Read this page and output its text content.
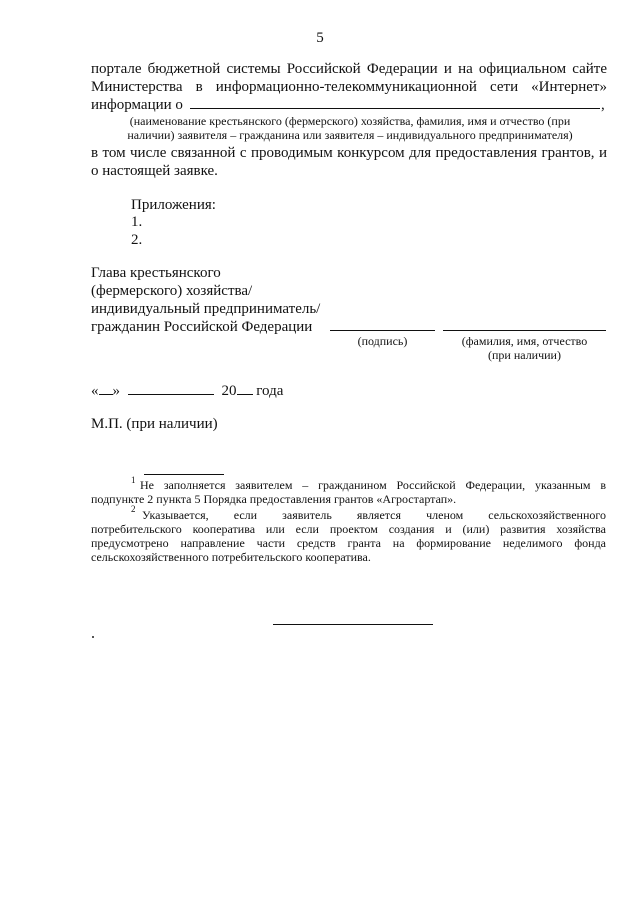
5
порталe бюджетной системы Российской Федерации и на официальном сайте
Министерства в информационно-телекоммуникационной сети «Интернет»
информации о	,
(наименование крестьянского (фермерского) хозяйства, фамилия, имя и отчество (при
наличии) заявителя – гражданина или заявителя – индивидуального предпринимателя)
в том числе связанной с проводимым конкурсом для предоставления грантов, и
о настоящей заявке.
Приложения:
1.
2.
Глава крестьянского
(фермерского) хозяйства/
индивидуальный предприниматель/
гражданин Российской Федерации
(подпись)	(фамилия, имя, отчество
(при наличии)
« »	20 года
М.П. (при наличии)
$^1$ Не заполняется заявителем – гражданином Российской Федерации, указанным в
подпункте 2 пункта 5 Порядка предоставления грантов «Агростартап».
$^2$ Указывается, если заявитель является членом сельскохозяйственного
потребительского кооператива или если проектом создания и (или) развития хозяйства
предусмотрено направление части средств гранта на формирование неделимого фонда
сельскохозяйственного потребительского кооператива.
